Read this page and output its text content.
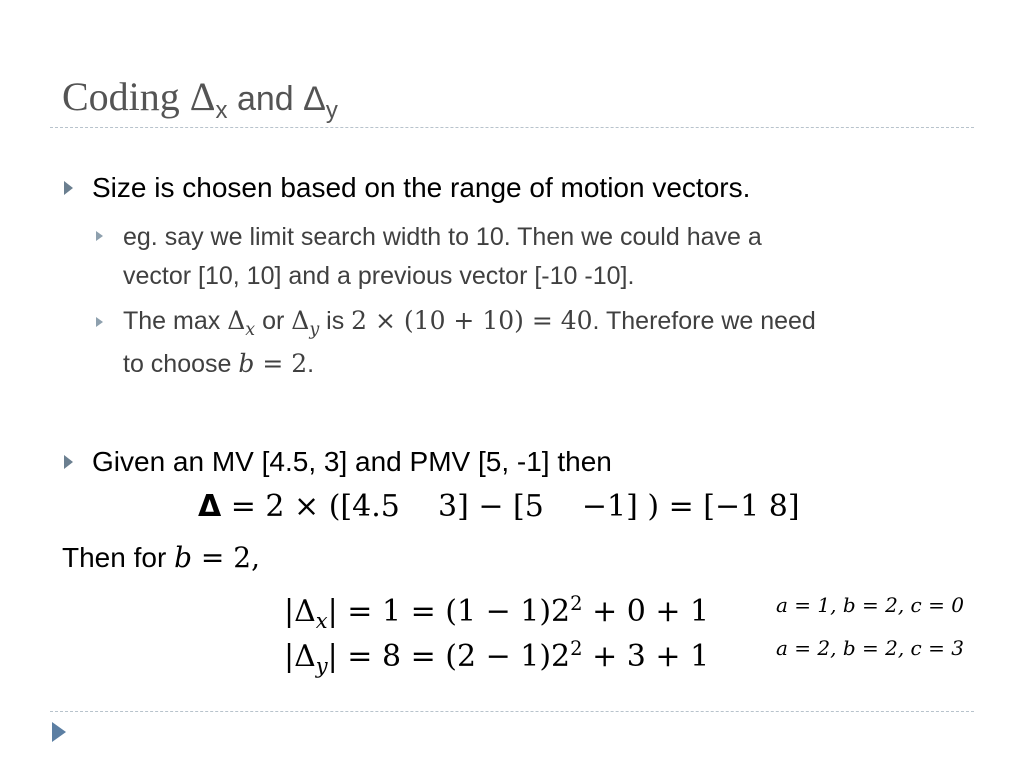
Coding $\Delta_x$ and $\Delta_y$
Size is chosen based on the range of motion vectors.
eg. say we limit search width to 10. Then we could have a
vector [10, 10] and a previous vector [-10 -10].
The $\max \Delta_x$ or $\Delta_y$ is 2 × (10 + 10) = 40. Therefore we need
to choose b = 2.
Given an MV [4.5, 3] and PMV [5, -1] then
Δ = 2 × ([4.5    3] − [5    −1] ) = [−1 8]
Then for b = 2,
$|\Delta_x| = 1 = (1 - 1)2^2 + 0 + 1$	a = 1, b = 2, c = 0
$|\Delta_y| = 8 = (2 - 1)2^2 + 3 + 1$	a = 2, b = 2, c = 3
